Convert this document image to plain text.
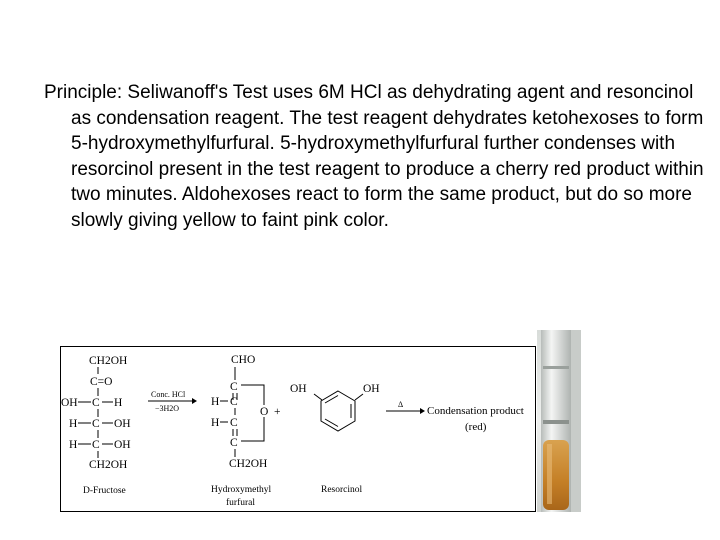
Principle: Seliwanoff's Test uses 6M HCl as dehydrating agent and resoncinol as condensation reagent. The test reagent dehydrates ketohexoses to form 5-hydroxymethylfurfural. 5-hydroxymethylfurfural further condenses with resorcinol present in the test reagent to produce a cherry red product within two minutes. Aldohexoses react to form the same product, but do so more slowly giving yellow to faint pink color.

CH2OH
C=O
OH C H
H C OH
H C OH
CH2OH
D-Fructose
Conc. HCl
−3H2O
CHO
C
H C
H C
C
CH2OH
O +
Hydroxymethyl
furfural
OH	OH
Resorcinol
Δ
Condensation product
(red)
